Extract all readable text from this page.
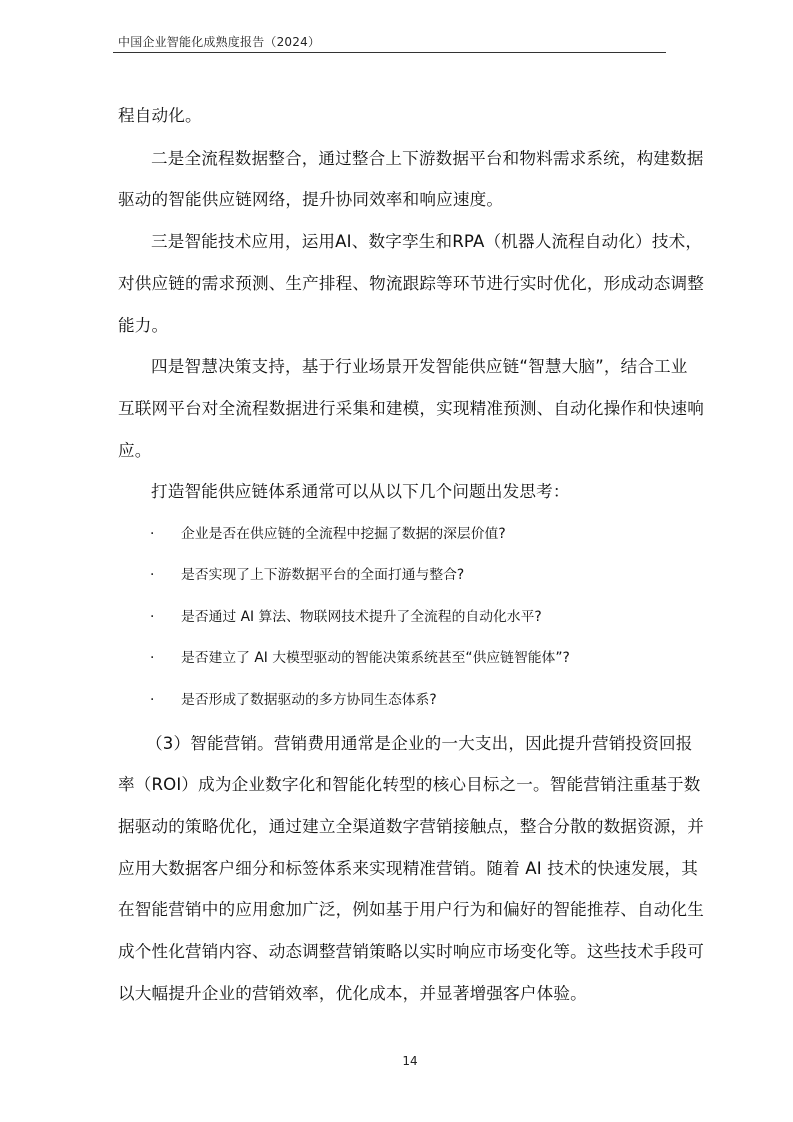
中国企业智能化成熟度报告（2024）
程自动化。
二是全流程数据整合，通过整合上下游数据平台和物料需求系统，构建数据
驱动的智能供应链网络，提升协同效率和响应速度。
三是智能技术应用，运用AI、数字孪生和RPA（机器人流程自动化）技术，
对供应链的需求预测、生产排程、物流跟踪等环节进行实时优化，形成动态调整
能力。
四是智慧决策支持，基于行业场景开发智能供应链“智慧大脑”，结合工业
互联网平台对全流程数据进行采集和建模，实现精准预测、自动化操作和快速响
应。
打造智能供应链体系通常可以从以下几个问题出发思考：
· 企业是否在供应链的全流程中挖掘了数据的深层价值?
· 是否实现了上下游数据平台的全面打通与整合?
· 是否通过 AI 算法、物联网技术提升了全流程的自动化水平?
· 是否建立了 AI 大模型驱动的智能决策系统甚至“供应链智能体”?
· 是否形成了数据驱动的多方协同生态体系?
（3）智能营销。营销费用通常是企业的一大支出，因此提升营销投资回报
率（ROI）成为企业数字化和智能化转型的核心目标之一。智能营销注重基于数
据驱动的策略优化，通过建立全渠道数字营销接触点，整合分散的数据资源，并
应用大数据客户细分和标签体系来实现精准营销。随着 AI 技术的快速发展，其
在智能营销中的应用愈加广泛，例如基于用户行为和偏好的智能推荐、自动化生
成个性化营销内容、动态调整营销策略以实时响应市场变化等。这些技术手段可
以大幅提升企业的营销效率，优化成本，并显著增强客户体验。
14
